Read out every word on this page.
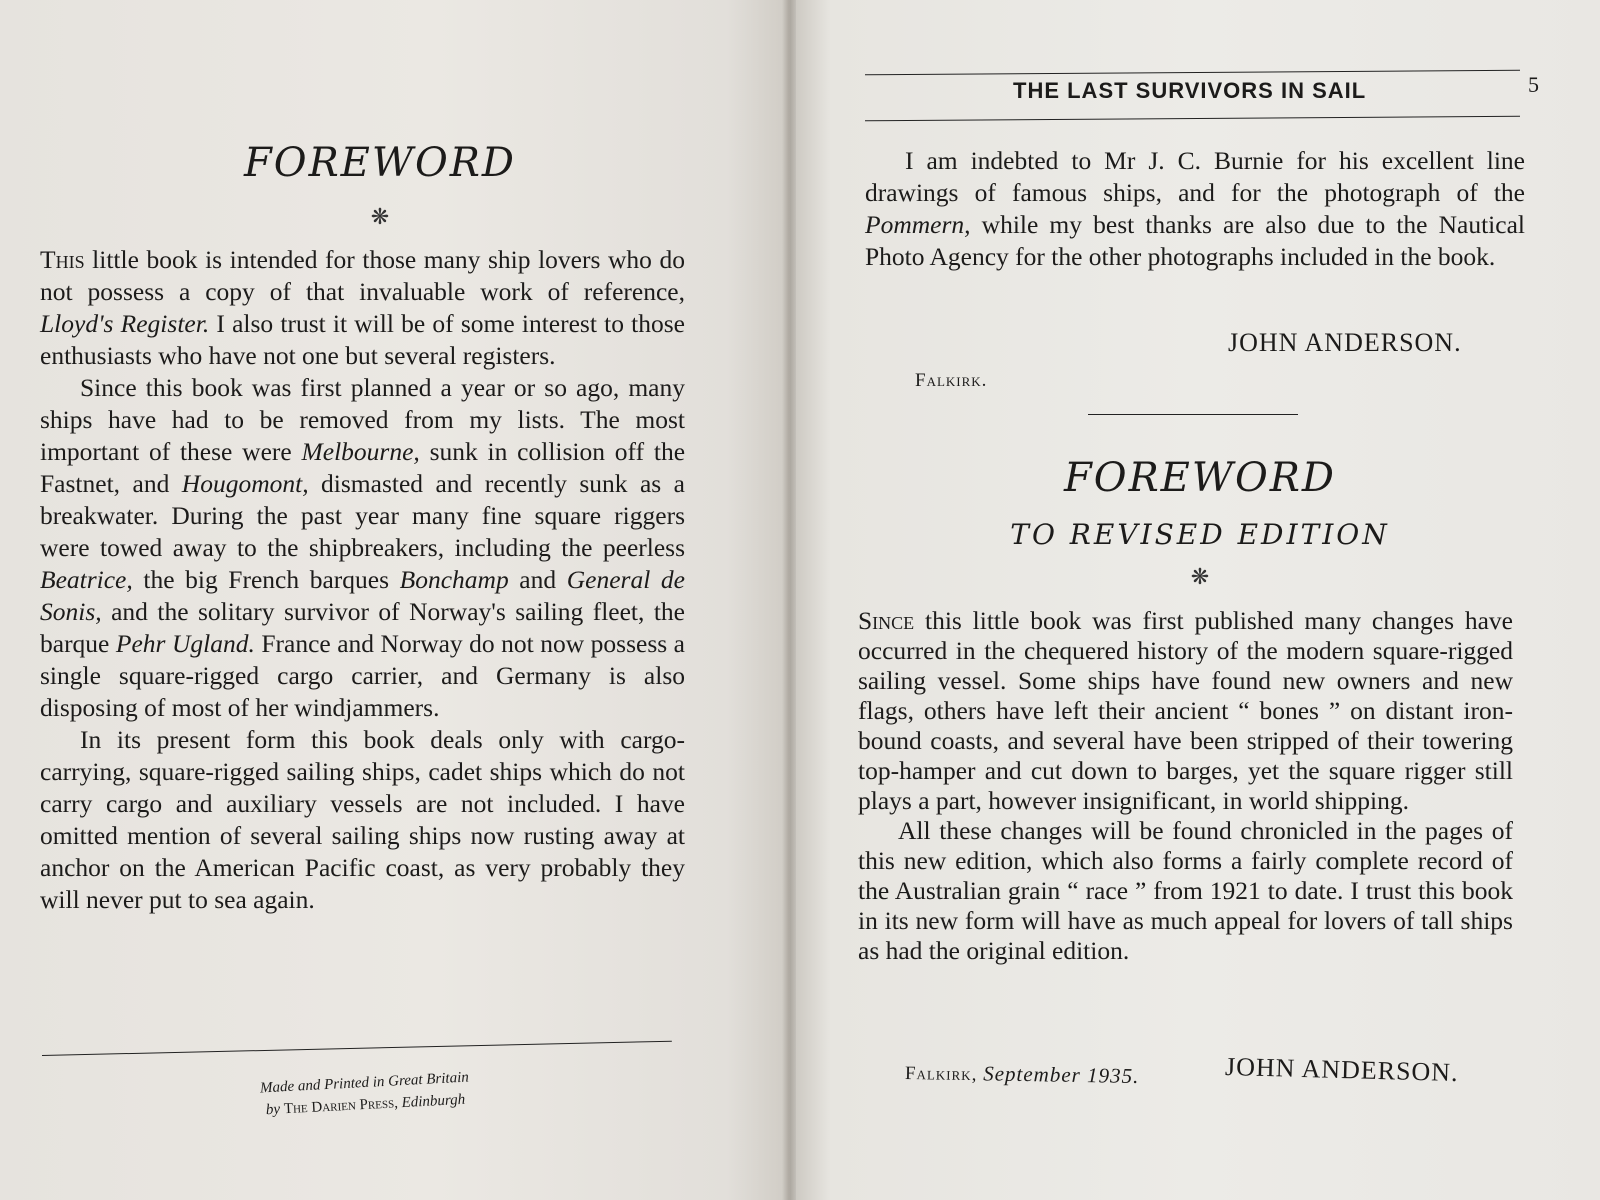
FOREWORD
❋

This little book is intended for those many ship lovers who do not possess a copy of that invaluable work of reference, Lloyd's Register. I also trust it will be of some interest to those enthusiasts who have not one but several registers.

Since this book was first planned a year or so ago, many ships have had to be removed from my lists. The most important of these were Melbourne, sunk in collision off the Fastnet, and Hougomont, dismasted and recently sunk as a breakwater. During the past year many fine square riggers were towed away to the shipbreakers, including the peerless Beatrice, the big French barques Bonchamp and General de Sonis, and the solitary survivor of Norway's sailing fleet, the barque Pehr Ugland. France and Norway do not now possess a single square-rigged cargo carrier, and Germany is also disposing of most of her windjammers.

In its present form this book deals only with cargo-carrying, square-rigged sailing ships, cadet ships which do not carry cargo and auxiliary vessels are not included. I have omitted mention of several sailing ships now rusting away at anchor on the American Pacific coast, as very probably they will never put to sea again.

Made and Printed in Great Britain
by The Darien Press, Edinburgh
THE LAST SURVIVORS IN SAIL	5

I am indebted to Mr J. C. Burnie for his excellent line drawings of famous ships, and for the photograph of the Pommern, while my best thanks are also due to the Nautical Photo Agency for the other photographs included in the book.

JOHN ANDERSON.
Falkirk.
FOREWORD
TO REVISED EDITION
❋

Since this little book was first published many changes have occurred in the chequered history of the modern square-rigged sailing vessel. Some ships have found new owners and new flags, others have left their ancient “ bones ” on distant iron-bound coasts, and several have been stripped of their towering top-hamper and cut down to barges, yet the square rigger still plays a part, however insignificant, in world shipping.

All these changes will be found chronicled in the pages of this new edition, which also forms a fairly complete record of the Australian grain “ race ” from 1921 to date. I trust this book in its new form will have as much appeal for lovers of tall ships as had the original edition.

Falkirk, September 1935.	JOHN ANDERSON.
